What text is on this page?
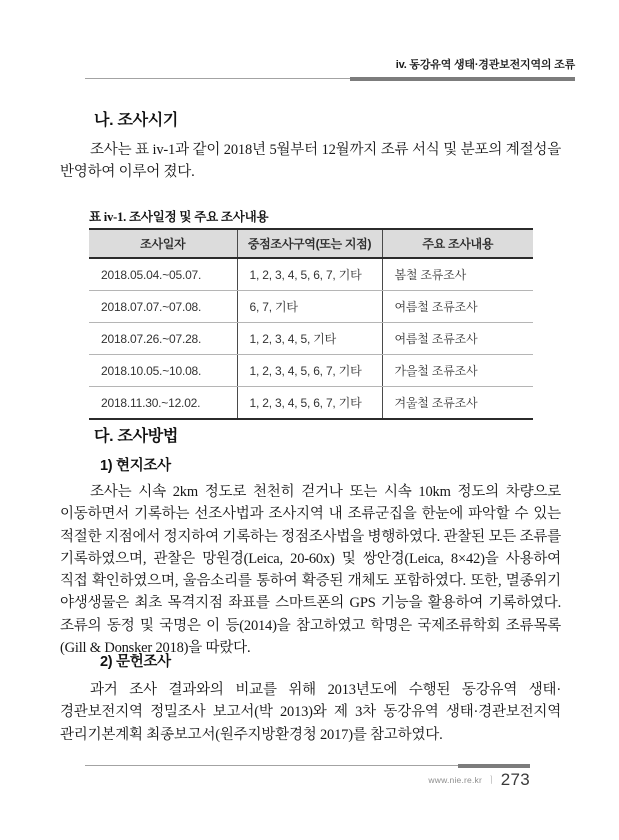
iv. 동강유역 생태·경관보전지역의 조류
나. 조사시기

조사는 표 iv-1과 같이 2018년 5월부터 12월까지 조류 서식 및 분포의 계절성을 반영하여 이루어 졌다.

표 iv-1. 조사일정 및 주요 조사내용
조사일자	중점조사구역(또는 지점)	주요 조사내용
2018.05.04.~05.07.	1, 2, 3, 4, 5, 6, 7, 기타	봄철 조류조사
2018.07.07.~07.08.	6, 7, 기타	여름철 조류조사
2018.07.26.~07.28.	1, 2, 3, 4, 5, 기타	여름철 조류조사
2018.10.05.~10.08.	1, 2, 3, 4, 5, 6, 7, 기타	가을철 조류조사
2018.11.30.~12.02.	1, 2, 3, 4, 5, 6, 7, 기타	겨울철 조류조사
다. 조사방법
1) 현지조사

조사는 시속 2km 정도로 천천히 걷거나 또는 시속 10km 정도의 차량으로 이동하면서 기록하는 선조사법과 조사지역 내 조류군집을 한눈에 파악할 수 있는 적절한 지점에서 정지하여 기록하는 정점조사법을 병행하였다. 관찰된 모든 조류를 기록하였으며, 관찰은 망원경(Leica, 20-60x) 및 쌍안경(Leica, 8×42)을 사용하여 직접 확인하였으며, 울음소리를 통하여 확증된 개체도 포함하였다. 또한, 멸종위기 야생생물은 최초 목격지점 좌표를 스마트폰의 GPS 기능을 활용하여 기록하였다. 조류의 동정 및 국명은 이 등(2014)을 참고하였고 학명은 국제조류학회 조류목록(Gill & Donsker 2018)을 따랐다.

2) 문헌조사

과거 조사 결과와의 비교를 위해 2013년도에 수행된 동강유역 생태·경관보전지역 정밀조사 보고서(박 2013)와 제 3차 동강유역 생태·경관보전지역 관리기본계획 최종보고서(원주지방환경청 2017)를 참고하였다.

www.nie.re.kr ㅣ 273
